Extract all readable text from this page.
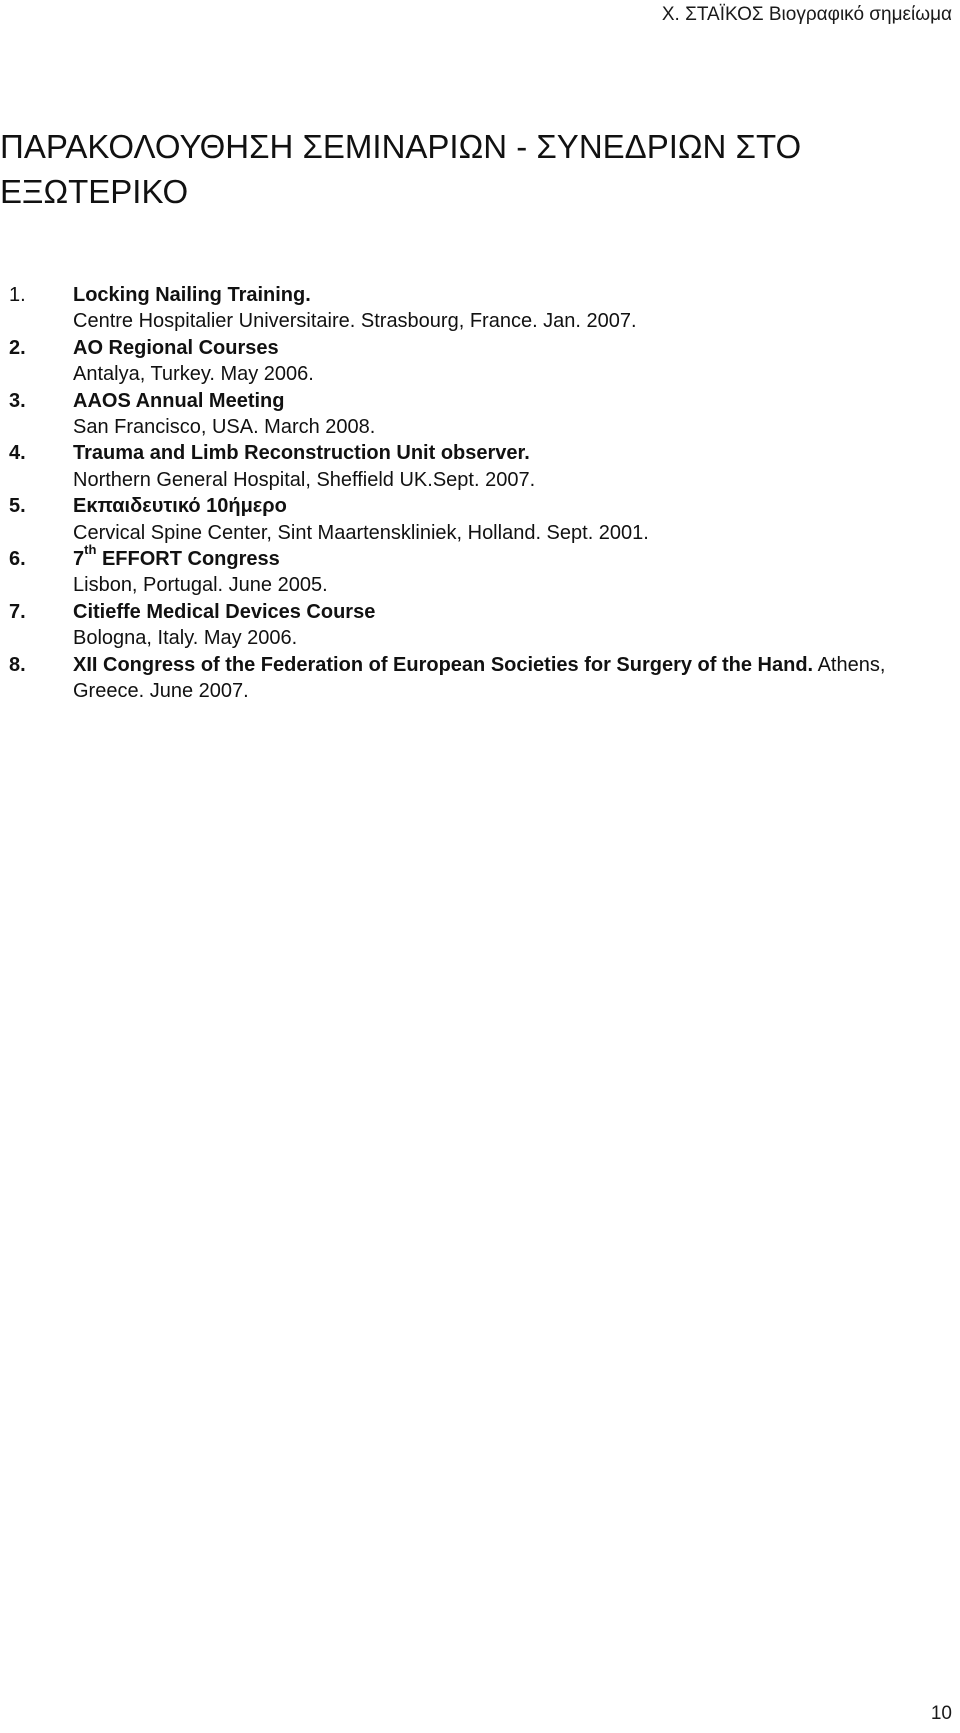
Χ. ΣΤΑΪΚΟΣ Βιογραφικό σημείωμα
ΠΑΡΑΚΟΛΟΥΘΗΣΗ ΣΕΜΙΝΑΡΙΩΝ - ΣΥΝΕΔΡΙΩΝ ΣΤΟ ΕΞΩΤΕΡΙΚΟ
1. Locking Nailing Training.
Centre Hospitalier Universitaire. Strasbourg, France. Jan. 2007.
2. AO Regional Courses
Antalya, Turkey. May 2006.
3. AAOS Annual Meeting
San Francisco, USA. March 2008.
4. Trauma and Limb Reconstruction Unit observer.
Northern General Hospital, Sheffield UK.Sept. 2007.
5. Εκπαιδευτικό 10ήμερο
Cervical Spine Center, Sint Maartenskliniek, Holland. Sept. 2001.
6. 7th EFFORT Congress
Lisbon, Portugal. June 2005.
7. Citieffe Medical Devices Course
Bologna, Italy. May 2006.
8. XII Congress of the Federation of European Societies for Surgery of the Hand. Athens, Greece. June 2007.
10
